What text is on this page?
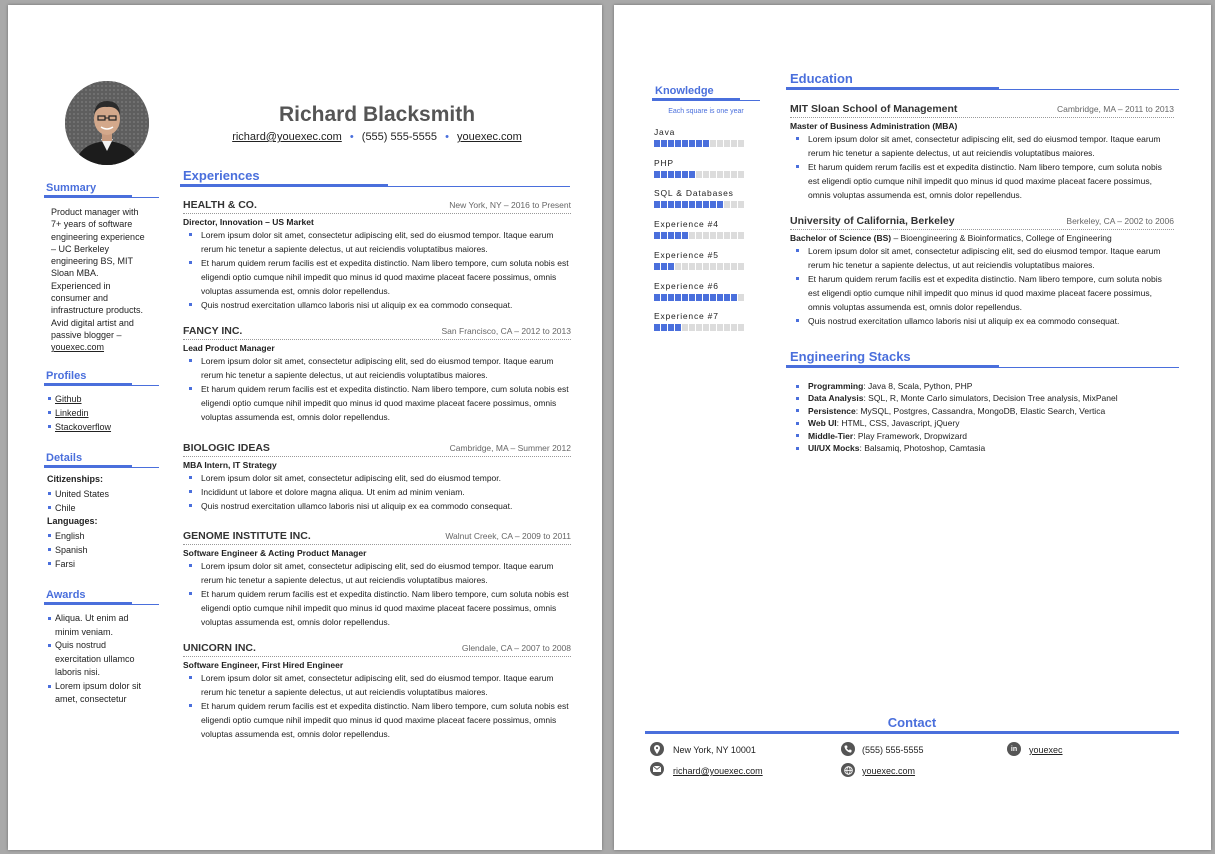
Richard Blacksmith
richard@youexec.com • (555) 555-5555 • youexec.com
Summary
Product manager with 7+ years of software engineering experience – UC Berkeley engineering BS, MIT Sloan MBA. Experienced in consumer and infrastructure products. Avid digital artist and passive blogger – youexec.com
Profiles
Github
Linkedin
Stackoverflow
Details
Citizenships:
United States
Chile
Languages:
English
Spanish
Farsi
Awards
Aliqua. Ut enim ad minim veniam.
Quis nostrud exercitation ullamco laboris nisi.
Lorem ipsum dolor sit amet, consectetur
Experiences
HEALTH & CO.	New York, NY – 2016 to Present
Director, Innovation – US Market
Lorem ipsum dolor sit amet, consectetur adipiscing elit, sed do eiusmod tempor. Itaque earum rerum hic tenetur a sapiente delectus, ut aut reiciendis voluptatibus maiores.
Et harum quidem rerum facilis est et expedita distinctio. Nam libero tempore, cum soluta nobis est eligendi optio cumque nihil impedit quo minus id quod maxime placeat facere possimus, omnis voluptas assumenda est, omnis dolor repellendus.
Quis nostrud exercitation ullamco laboris nisi ut aliquip ex ea commodo consequat.
FANCY INC.	San Francisco, CA – 2012 to 2013
Lead Product Manager
Lorem ipsum dolor sit amet, consectetur adipiscing elit, sed do eiusmod tempor. Itaque earum rerum hic tenetur a sapiente delectus, ut aut reiciendis voluptatibus maiores.
Et harum quidem rerum facilis est et expedita distinctio. Nam libero tempore, cum soluta nobis est eligendi optio cumque nihil impedit quo minus id quod maxime placeat facere possimus, omnis voluptas assumenda est, omnis dolor repellendus.
BIOLOGIC IDEAS	Cambridge, MA – Summer 2012
MBA Intern, IT Strategy
Lorem ipsum dolor sit amet, consectetur adipiscing elit, sed do eiusmod tempor.
Incididunt ut labore et dolore magna aliqua. Ut enim ad minim veniam.
Quis nostrud exercitation ullamco laboris nisi ut aliquip ex ea commodo consequat.
GENOME INSTITUTE INC.	Walnut Creek, CA – 2009 to 2011
Software Engineer & Acting Product Manager
Lorem ipsum dolor sit amet, consectetur adipiscing elit, sed do eiusmod tempor. Itaque earum rerum hic tenetur a sapiente delectus, ut aut reiciendis voluptatibus maiores.
Et harum quidem rerum facilis est et expedita distinctio. Nam libero tempore, cum soluta nobis est eligendi optio cumque nihil impedit quo minus id quod maxime placeat facere possimus, omnis voluptas assumenda est, omnis dolor repellendus.
UNICORN INC.	Glendale, CA – 2007 to 2008
Software Engineer, First Hired Engineer
Lorem ipsum dolor sit amet, consectetur adipiscing elit, sed do eiusmod tempor. Itaque earum rerum hic tenetur a sapiente delectus, ut aut reiciendis voluptatibus maiores.
Et harum quidem rerum facilis est et expedita distinctio. Nam libero tempore, cum soluta nobis est eligendi optio cumque nihil impedit quo minus id quod maxime placeat facere possimus, omnis voluptas assumenda est, omnis dolor repellendus.
Knowledge
Each square is one year
Java
PHP
SQL & Databases
Experience #4
Experience #5
Experience #6
Experience #7
Education
MIT Sloan School of Management	Cambridge, MA – 2011 to 2013
Master of Business Administration (MBA)
Lorem ipsum dolor sit amet, consectetur adipiscing elit, sed do eiusmod tempor. Itaque earum rerum hic tenetur a sapiente delectus, ut aut reiciendis voluptatibus maiores.
Et harum quidem rerum facilis est et expedita distinctio. Nam libero tempore, cum soluta nobis est eligendi optio cumque nihil impedit quo minus id quod maxime placeat facere possimus, omnis voluptas assumenda est, omnis dolor repellendus.
University of California, Berkeley	Berkeley, CA – 2002 to 2006
Bachelor of Science (BS) – Bioengineering & Bioinformatics, College of Engineering
Lorem ipsum dolor sit amet, consectetur adipiscing elit, sed do eiusmod tempor. Itaque earum rerum hic tenetur a sapiente delectus, ut aut reiciendis voluptatibus maiores.
Et harum quidem rerum facilis est et expedita distinctio. Nam libero tempore, cum soluta nobis est eligendi optio cumque nihil impedit quo minus id quod maxime placeat facere possimus, omnis voluptas assumenda est, omnis dolor repellendus.
Quis nostrud exercitation ullamco laboris nisi ut aliquip ex ea commodo consequat.
Engineering Stacks
Programming: Java 8, Scala, Python, PHP
Data Analysis: SQL, R, Monte Carlo simulators, Decision Tree analysis, MixPanel
Persistence: MySQL, Postgres, Cassandra, MongoDB, Elastic Search, Vertica
Web UI: HTML, CSS, Javascript, jQuery
Middle-Tier: Play Framework, Dropwizard
UI/UX Mocks: Balsamiq, Photoshop, Camtasia
Contact
New York, NY 10001	(555) 555-5555	in	youexec
richard@youexec.com	youexec.com
